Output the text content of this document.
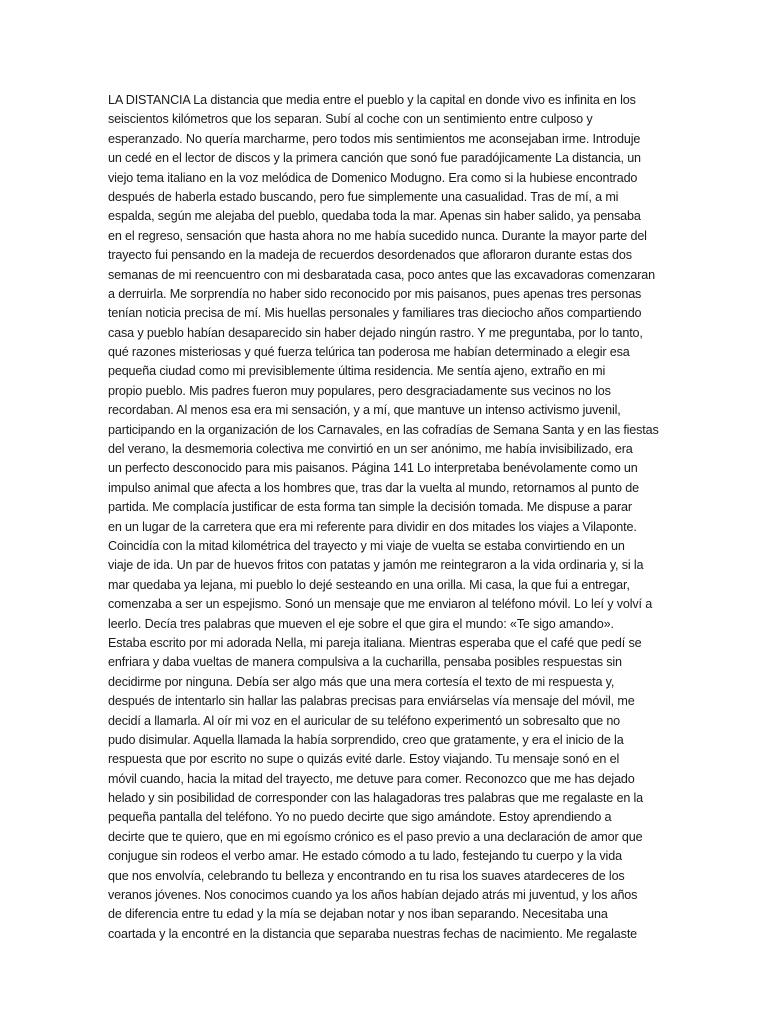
LA DISTANCIA La distancia que media entre el pueblo y la capital en donde vivo es infinita en los
seiscientos kilómetros que los separan. Subí al coche con un sentimiento entre culposo y
esperanzado. No quería marcharme, pero todos mis sentimientos me aconsejaban irme. Introduje
un cedé en el lector de discos y la primera canción que sonó fue paradójicamente La distancia, un
viejo tema italiano en la voz melódica de Domenico Modugno. Era como si la hubiese encontrado
después de haberla estado buscando, pero fue simplemente una casualidad. Tras de mí, a mi
espalda, según me alejaba del pueblo, quedaba toda la mar. Apenas sin haber salido, ya pensaba
en el regreso, sensación que hasta ahora no me había sucedido nunca. Durante la mayor parte del
trayecto fui pensando en la madeja de recuerdos desordenados que afloraron durante estas dos
semanas de mi reencuentro con mi desbaratada casa, poco antes que las excavadoras comenzaran
a derruirla. Me sorprendía no haber sido reconocido por mis paisanos, pues apenas tres personas
tenían noticia precisa de mí. Mis huellas personales y familiares tras dieciocho años compartiendo
casa y pueblo habían desaparecido sin haber dejado ningún rastro. Y me preguntaba, por lo tanto,
qué razones misteriosas y qué fuerza telúrica tan poderosa me habían determinado a elegir esa
pequeña ciudad como mi previsiblemente última residencia. Me sentía ajeno, extraño en mi
propio pueblo. Mis padres fueron muy populares, pero desgraciadamente sus vecinos no los
recordaban. Al menos esa era mi sensación, y a mí, que mantuve un intenso activismo juvenil,
participando en la organización de los Carnavales, en las cofradías de Semana Santa y en las fiestas
del verano, la desmemoria colectiva me convirtió en un ser anónimo, me había invisibilizado, era
un perfecto desconocido para mis paisanos. Página 141 Lo interpretaba benévolamente como un
impulso animal que afecta a los hombres que, tras dar la vuelta al mundo, retornamos al punto de
partida. Me complacía justificar de esta forma tan simple la decisión tomada. Me dispuse a parar
en un lugar de la carretera que era mi referente para dividir en dos mitades los viajes a Vilaponte.
Coincidía con la mitad kilométrica del trayecto y mi viaje de vuelta se estaba convirtiendo en un
viaje de ida. Un par de huevos fritos con patatas y jamón me reintegraron a la vida ordinaria y, si la
mar quedaba ya lejana, mi pueblo lo dejé sesteando en una orilla. Mi casa, la que fui a entregar,
comenzaba a ser un espejismo. Sonó un mensaje que me enviaron al teléfono móvil. Lo leí y volví a
leerlo. Decía tres palabras que mueven el eje sobre el que gira el mundo: «Te sigo amando».
Estaba escrito por mi adorada Nella, mi pareja italiana. Mientras esperaba que el café que pedí se
enfriara y daba vueltas de manera compulsiva a la cucharilla, pensaba posibles respuestas sin
decidirme por ninguna. Debía ser algo más que una mera cortesía el texto de mi respuesta y,
después de intentarlo sin hallar las palabras precisas para enviárselas vía mensaje del móvil, me
decidí a llamarla. Al oír mi voz en el auricular de su teléfono experimentó un sobresalto que no
pudo disimular. Aquella llamada la había sorprendido, creo que gratamente, y era el inicio de la
respuesta que por escrito no supe o quizás evité darle. Estoy viajando. Tu mensaje sonó en el
móvil cuando, hacia la mitad del trayecto, me detuve para comer. Reconozco que me has dejado
helado y sin posibilidad de corresponder con las halagadoras tres palabras que me regalaste en la
pequeña pantalla del teléfono. Yo no puedo decirte que sigo amándote. Estoy aprendiendo a
decirte que te quiero, que en mi egoísmo crónico es el paso previo a una declaración de amor que
conjugue sin rodeos el verbo amar. He estado cómodo a tu lado, festejando tu cuerpo y la vida
que nos envolvía, celebrando tu belleza y encontrando en tu risa los suaves atardeceres de los
veranos jóvenes. Nos conocimos cuando ya los años habían dejado atrás mi juventud, y los años
de diferencia entre tu edad y la mía se dejaban notar y nos iban separando. Necesitaba una
coartada y la encontré en la distancia que separaba nuestras fechas de nacimiento. Me regalaste
